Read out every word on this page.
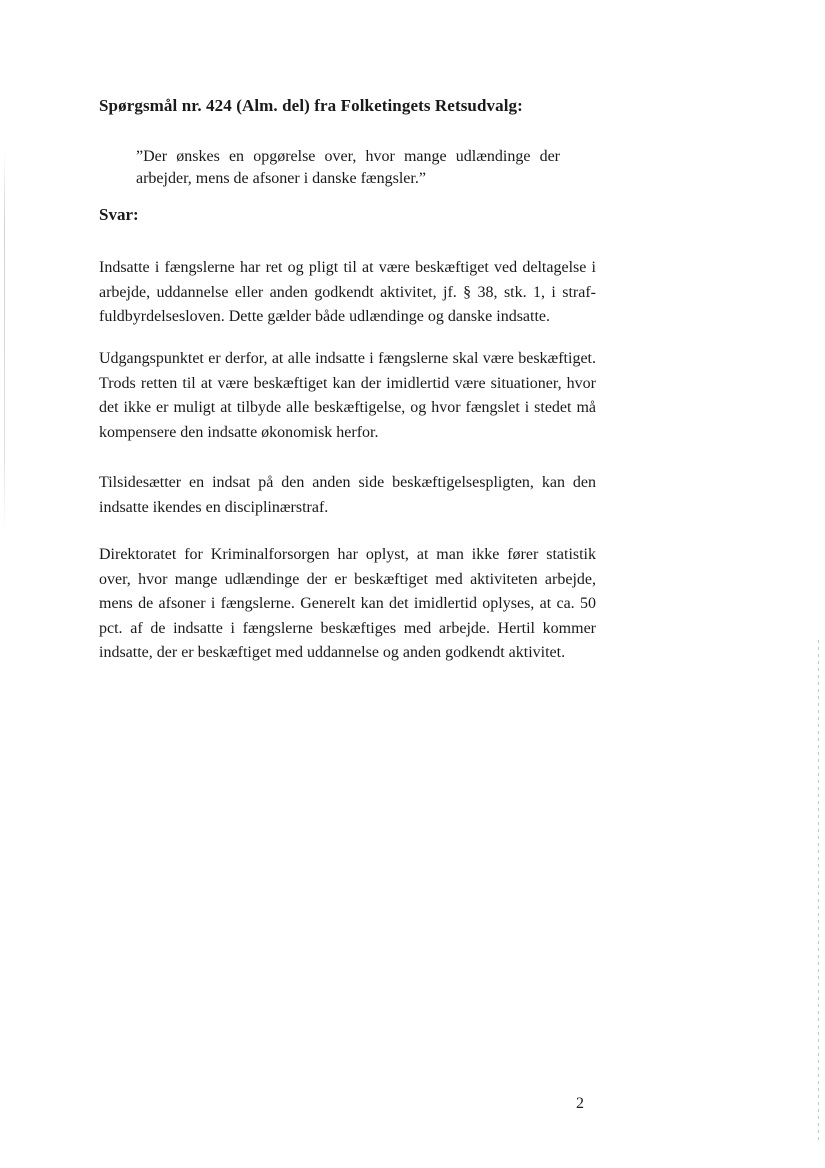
Spørgsmål nr. 424 (Alm. del) fra Folketingets Retsudvalg:

”Der ønskes en opgørelse over, hvor mange udlændinge der arbejder, mens de afsoner i danske fængsler.”

Svar:

Indsatte i fængslerne har ret og pligt til at være beskæftiget ved deltagelse i arbejde, uddannelse eller anden godkendt aktivitet, jf. § 38, stk. 1, i straffuldbyrdelsesloven. Dette gælder både udlændinge og danske indsatte.

Udgangspunktet er derfor, at alle indsatte i fængslerne skal være beskæftiget. Trods retten til at være beskæftiget kan der imidlertid være situationer, hvor det ikke er muligt at tilbyde alle beskæftigelse, og hvor fængslet i stedet må kompensere den indsatte økonomisk herfor.

Tilsidesætter en indsat på den anden side beskæftigelsespligten, kan den indsatte ikendes en disciplinærstraf.

Direktoratet for Kriminalforsorgen har oplyst, at man ikke fører statistik over, hvor mange udlændinge der er beskæftiget med aktiviteten arbejde, mens de afsoner i fængslerne. Generelt kan det imidlertid oplyses, at ca. 50 pct. af de indsatte i fængslerne beskæftiges med arbejde. Hertil kommer indsatte, der er beskæftiget med uddannelse og anden godkendt aktivitet.

2
